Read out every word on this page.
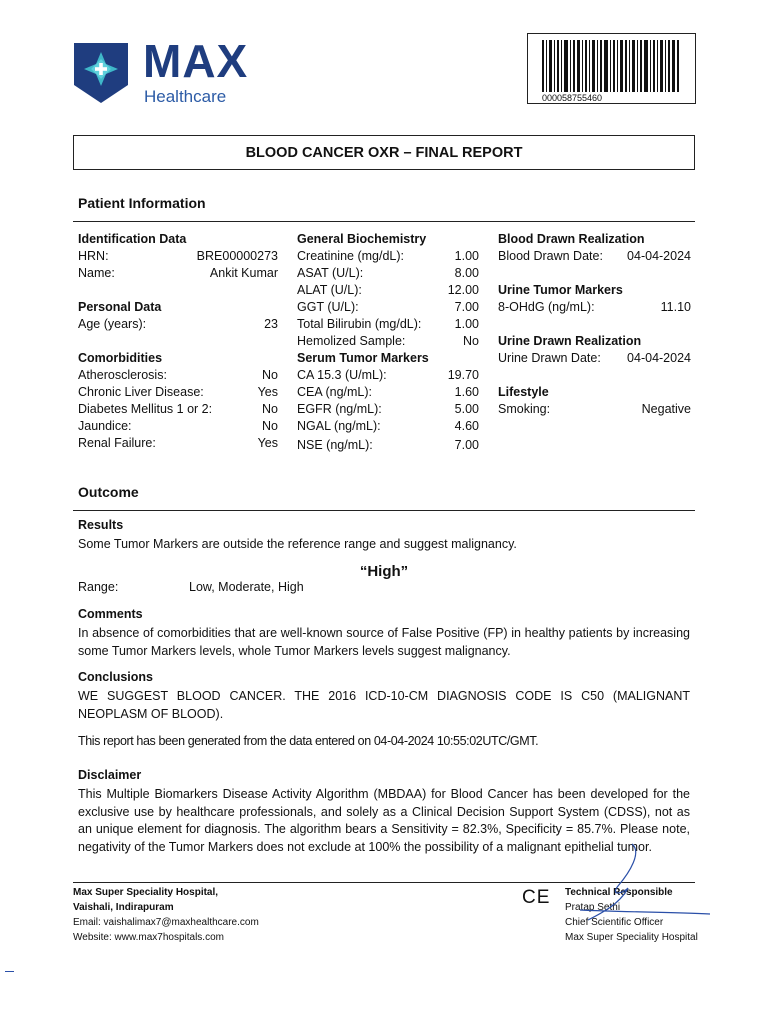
MAX
Healthcare	000058755460
BLOOD CANCER OXR – FINAL REPORT
Patient Information
Identification Data
HRN:	BRE00000273
Name:	Ankit Kumar
Personal Data
Age (years):	23
Comorbidities
Atherosclerosis:	No
Chronic Liver Disease:	Yes
Diabetes Mellitus 1 or 2:	No
Jaundice:	No
Renal Failure:	Yes
General Biochemistry
Creatinine (mg/dL):	1.00
ASAT (U/L):	8.00
ALAT (U/L):	12.00
GGT (U/L):	7.00
Total Bilirubin (mg/dL):	1.00
Hemolized Sample:	No
Serum Tumor Markers
CA 15.3 (U/mL):	19.70
CEA (ng/mL):	1.60
EGFR (ng/mL):	5.00
NGAL (ng/mL):	4.60
NSE (ng/mL):	7.00
Blood Drawn Realization
Blood Drawn Date: 04-04-2024
Urine Tumor Markers
8-OHdG (ng/mL):	11.10
Urine Drawn Realization
Urine Drawn Date: 04-04-2024
Lifestyle
Smoking:	Negative
Outcome
Results
Some Tumor Markers are outside the reference range and suggest malignancy.
“High”
Range:	Low, Moderate, High
Comments
In absence of comorbidities that are well-known source of False Positive (FP) in healthy patients by increasing some Tumor Markers levels, whole Tumor Markers levels suggest malignancy.
Conclusions
WE SUGGEST BLOOD CANCER. THE 2016 ICD-10-CM DIAGNOSIS CODE IS C50 (MALIGNANT NEOPLASM OF BLOOD).
This report has been generated from the data entered on 04-04-2024 10:55:02UTC/GMT.
Disclaimer
This Multiple Biomarkers Disease Activity Algorithm (MBDAA) for Blood Cancer has been developed for the exclusive use by healthcare professionals, and solely as a Clinical Decision Support System (CDSS), not as an unique element for diagnosis. The algorithm bears a Sensitivity = 82.3%, Specificity = 85.7%. Please note, negativity of the Tumor Markers does not exclude at 100% the possibility of a malignant epithelial tumor.
Max Super Speciality Hospital,
Vaishali, Indirapuram
Email: vaishalimax7@maxhealthcare.com
Website: www.max7hospitals.com
CE Technical Responsible
Pratap Sethi
Chief Scientific Officer
Max Super Speciality Hospital
